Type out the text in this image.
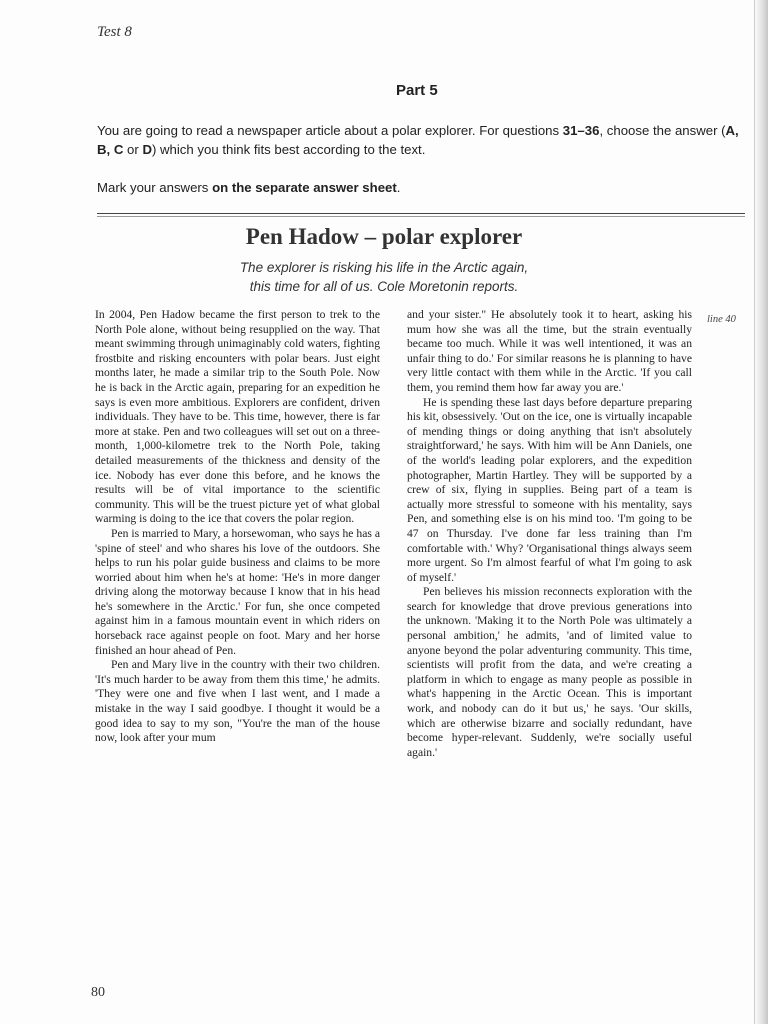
Test 8
Part 5

You are going to read a newspaper article about a polar explorer. For questions 31–36, choose the answer (A, B, C or D) which you think fits best according to the text.

Mark your answers on the separate answer sheet.

Pen Hadow – polar explorer
The explorer is risking his life in the Arctic again,
this time for all of us. Cole Moretonin reports.

In 2004, Pen Hadow became the first person to trek to the North Pole alone, without being resupplied on the way. That meant swimming through unimaginably cold waters, fighting frostbite and risking encounters with polar bears. Just eight months later, he made a similar trip to the South Pole. Now he is back in the Arctic again, preparing for an expedition he says is even more ambitious. Explorers are confident, driven individuals. They have to be. This time, however, there is far more at stake. Pen and two colleagues will set out on a three-month, 1,000-kilometre trek to the North Pole, taking detailed measurements of the thickness and density of the ice. Nobody has ever done this before, and he knows the results will be of vital importance to the scientific community. This will be the truest picture yet of what global warming is doing to the ice that covers the polar region.

Pen is married to Mary, a horsewoman, who says he has a 'spine of steel' and who shares his love of the outdoors. She helps to run his polar guide business and claims to be more worried about him when he's at home: 'He's in more danger driving along the motorway because I know that in his head he's somewhere in the Arctic.' For fun, she once competed against him in a famous mountain event in which riders on horseback race against people on foot. Mary and her horse finished an hour ahead of Pen.

Pen and Mary live in the country with their two children. 'It's much harder to be away from them this time,' he admits. 'They were one and five when I last went, and I made a mistake in the way I said goodbye. I thought it would be a good idea to say to my son, "You're the man of the house now, look after your mum

and your sister." He absolutely took it to heart, asking his mum how she was all the time, but the strain eventually became too much. While it was well intentioned, it was an unfair thing to do.' For similar reasons he is planning to have very little contact with them while in the Arctic. 'If you call them, you remind them how far away you are.'

He is spending these last days before departure preparing his kit, obsessively. 'Out on the ice, one is virtually incapable of mending things or doing anything that isn't absolutely straightforward,' he says. With him will be Ann Daniels, one of the world's leading polar explorers, and the expedition photographer, Martin Hartley. They will be supported by a crew of six, flying in supplies. Being part of a team is actually more stressful to someone with his mentality, says Pen, and something else is on his mind too. 'I'm going to be 47 on Thursday. I've done far less training than I'm comfortable with.' Why? 'Organisational things always seem more urgent. So I'm almost fearful of what I'm going to ask of myself.'

Pen believes his mission reconnects exploration with the search for knowledge that drove previous generations into the unknown. 'Making it to the North Pole was ultimately a personal ambition,' he admits, 'and of limited value to anyone beyond the polar adventuring community. This time, scientists will profit from the data, and we're creating a platform in which to engage as many people as possible in what's happening in the Arctic Ocean. This is important work, and nobody can do it but us,' he says. 'Our skills, which are otherwise bizarre and socially redundant, have become hyper-relevant. Suddenly, we're socially useful again.'

line 40
80
